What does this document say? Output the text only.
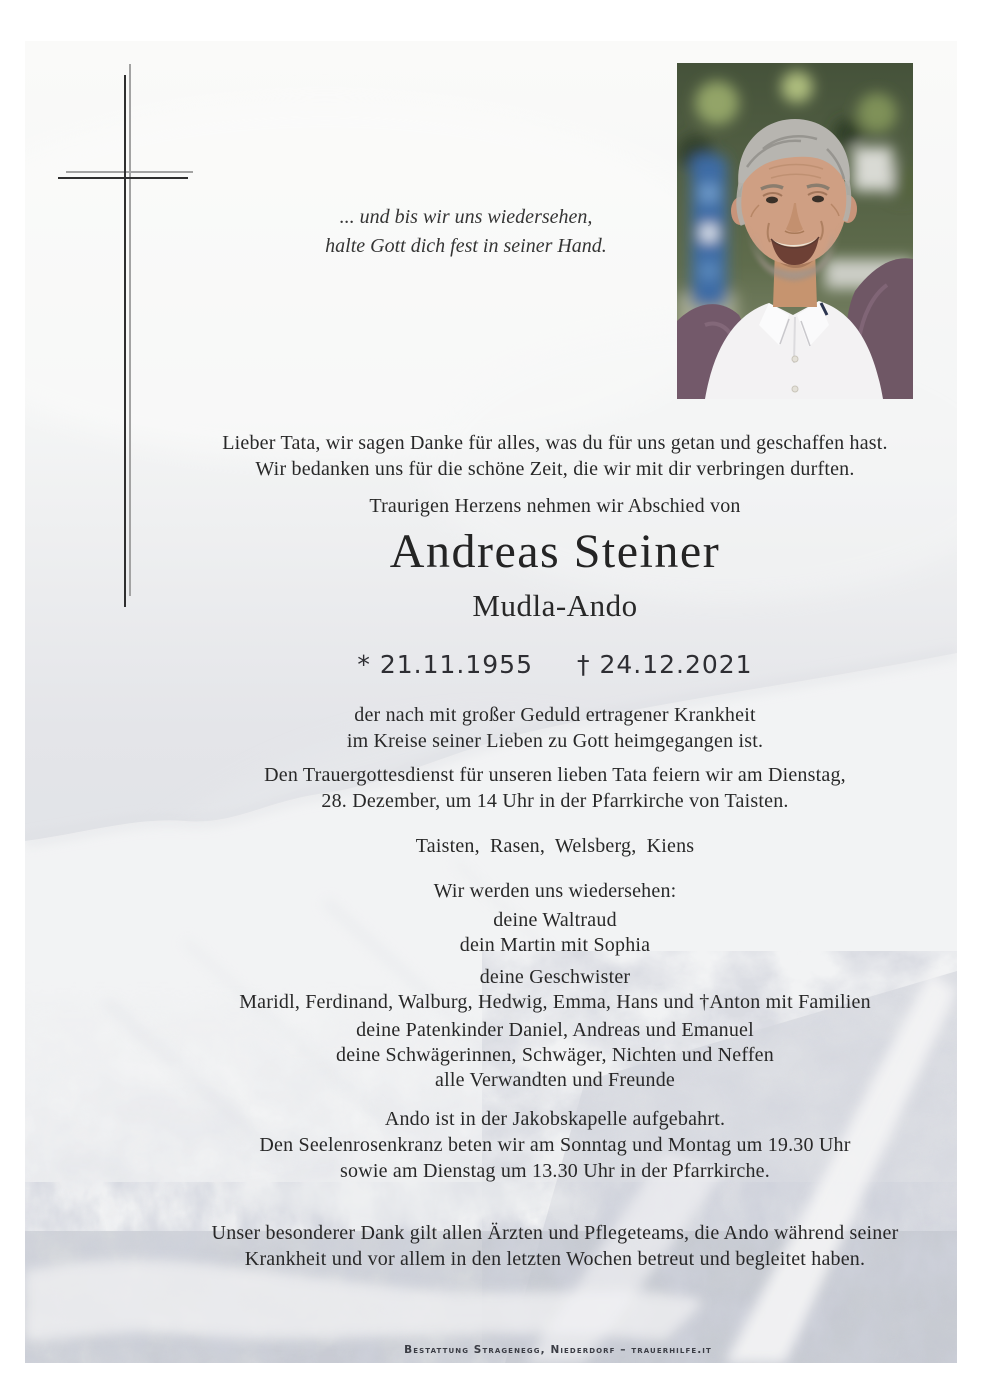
... und bis wir uns wiedersehen,
halte Gott dich fest in seiner Hand.
Lieber Tata, wir sagen Danke für alles, was du für uns getan und geschaffen hast.
Wir bedanken uns für die schöne Zeit, die wir mit dir verbringen durften.
Traurigen Herzens nehmen wir Abschied von
Andreas Steiner
Mudla-Ando
* 21.11.1955 † 24.12.2021
der nach mit großer Geduld ertragener Krankheit
im Kreise seiner Lieben zu Gott heimgegangen ist.
Den Trauergottesdienst für unseren lieben Tata feiern wir am Dienstag,
28. Dezember, um 14 Uhr in der Pfarrkirche von Taisten.
Taisten, Rasen, Welsberg, Kiens
Wir werden uns wiedersehen:
deine Waltraud
dein Martin mit Sophia
deine Geschwister
Maridl, Ferdinand, Walburg, Hedwig, Emma, Hans und †Anton mit Familien
deine Patenkinder Daniel, Andreas und Emanuel
deine Schwägerinnen, Schwäger, Nichten und Neffen
alle Verwandten und Freunde
Ando ist in der Jakobskapelle aufgebahrt.
Den Seelenrosenkranz beten wir am Sonntag und Montag um 19.30 Uhr
sowie am Dienstag um 13.30 Uhr in der Pfarrkirche.
Unser besonderer Dank gilt allen Ärzten und Pflegeteams, die Ando während seiner
Krankheit und vor allem in den letzten Wochen betreut und begleitet haben.
Bestattung Stragenegg, Niederdorf – trauerhilfe.it
